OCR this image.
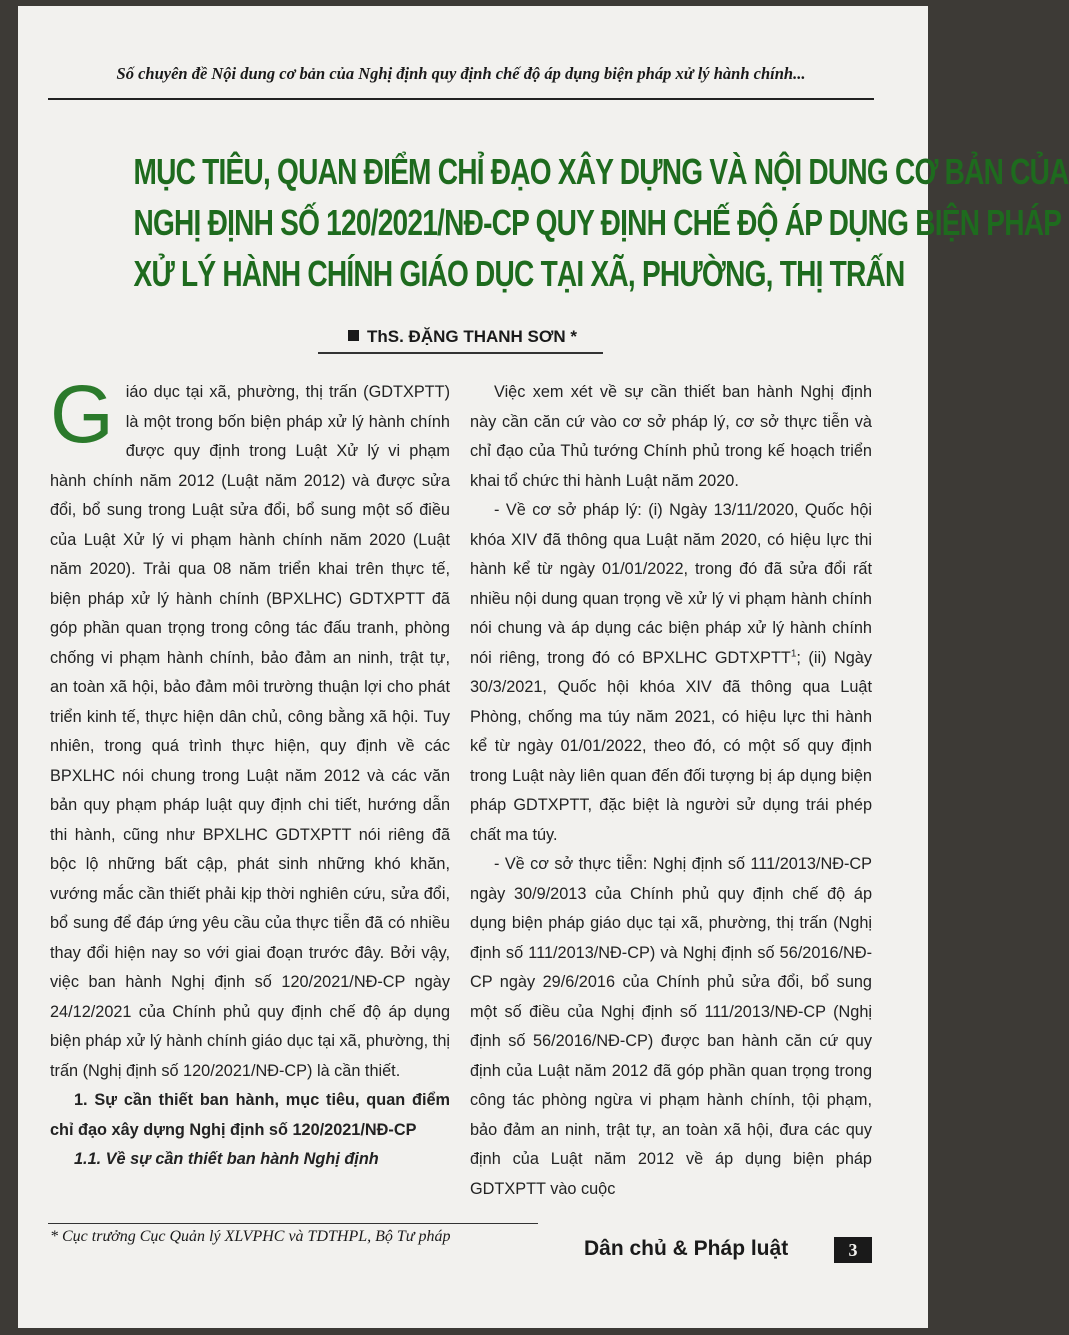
Số chuyên đề Nội dung cơ bản của Nghị định quy định chế độ áp dụng biện pháp xử lý hành chính...
MỤC TIÊU, QUAN ĐIỂM CHỈ ĐẠO XÂY DỰNG VÀ NỘI DUNG CƠ BẢN CỦA
NGHỊ ĐỊNH SỐ 120/2021/NĐ-CP QUY ĐỊNH CHẾ ĐỘ ÁP DỤNG BIỆN PHÁP
XỬ LÝ HÀNH CHÍNH GIÁO DỤC TẠI XÃ, PHƯỜNG, THỊ TRẤN
ThS. ĐẶNG THANH SƠN *

Giáo dục tại xã, phường, thị trấn (GDTXPTT) là một trong bốn biện pháp xử lý hành chính được quy định trong Luật Xử lý vi phạm hành chính năm 2012 (Luật năm 2012) và được sửa đổi, bổ sung trong Luật sửa đổi, bổ sung một số điều của Luật Xử lý vi phạm hành chính năm 2020 (Luật năm 2020). Trải qua 08 năm triển khai trên thực tế, biện pháp xử lý hành chính (BPXLHC) GDTXPTT đã góp phần quan trọng trong công tác đấu tranh, phòng chống vi phạm hành chính, bảo đảm an ninh, trật tự, an toàn xã hội, bảo đảm môi trường thuận lợi cho phát triển kinh tế, thực hiện dân chủ, công bằng xã hội. Tuy nhiên, trong quá trình thực hiện, quy định về các BPXLHC nói chung trong Luật năm 2012 và các văn bản quy phạm pháp luật quy định chi tiết, hướng dẫn thi hành, cũng như BPXLHC GDTXPTT nói riêng đã bộc lộ những bất cập, phát sinh những khó khăn, vướng mắc cần thiết phải kịp thời nghiên cứu, sửa đổi, bổ sung để đáp ứng yêu cầu của thực tiễn đã có nhiều thay đổi hiện nay so với giai đoạn trước đây. Bởi vậy, việc ban hành Nghị định số 120/2021/NĐ-CP ngày 24/12/2021 của Chính phủ quy định chế độ áp dụng biện pháp xử lý hành chính giáo dục tại xã, phường, thị trấn (Nghị định số 120/2021/NĐ-CP) là cần thiết.

1. Sự cần thiết ban hành, mục tiêu, quan điểm chỉ đạo xây dựng Nghị định số 120/2021/NĐ-CP

1.1. Về sự cần thiết ban hành Nghị định

Việc xem xét về sự cần thiết ban hành Nghị định này cần căn cứ vào cơ sở pháp lý, cơ sở thực tiễn và chỉ đạo của Thủ tướng Chính phủ trong kế hoạch triển khai tổ chức thi hành Luật năm 2020.

- Về cơ sở pháp lý: (i) Ngày 13/11/2020, Quốc hội khóa XIV đã thông qua Luật năm 2020, có hiệu lực thi hành kể từ ngày 01/01/2022, trong đó đã sửa đổi rất nhiều nội dung quan trọng về xử lý vi phạm hành chính nói chung và áp dụng các biện pháp xử lý hành chính nói riêng, trong đó có BPXLHC GDTXPTT$^1$; (ii) Ngày 30/3/2021, Quốc hội khóa XIV đã thông qua Luật Phòng, chống ma túy năm 2021, có hiệu lực thi hành kể từ ngày 01/01/2022, theo đó, có một số quy định trong Luật này liên quan đến đối tượng bị áp dụng biện pháp GDTXPTT, đặc biệt là người sử dụng trái phép chất ma túy.

- Về cơ sở thực tiễn: Nghị định số 111/2013/NĐ-CP ngày 30/9/2013 của Chính phủ quy định chế độ áp dụng biện pháp giáo dục tại xã, phường, thị trấn (Nghị định số 111/2013/NĐ-CP) và Nghị định số 56/2016/NĐ-CP ngày 29/6/2016 của Chính phủ sửa đổi, bổ sung một số điều của Nghị định số 111/2013/NĐ-CP (Nghị định số 56/2016/NĐ-CP) được ban hành căn cứ quy định của Luật năm 2012 đã góp phần quan trọng trong công tác phòng ngừa vi phạm hành chính, tội phạm, bảo đảm an ninh, trật tự, an toàn xã hội, đưa các quy định của Luật năm 2012 về áp dụng biện pháp GDTXPTT vào cuộc

* Cục trưởng Cục Quản lý XLVPHC và TDTHPL, Bộ Tư pháp
Dân chủ & Pháp luật	3
